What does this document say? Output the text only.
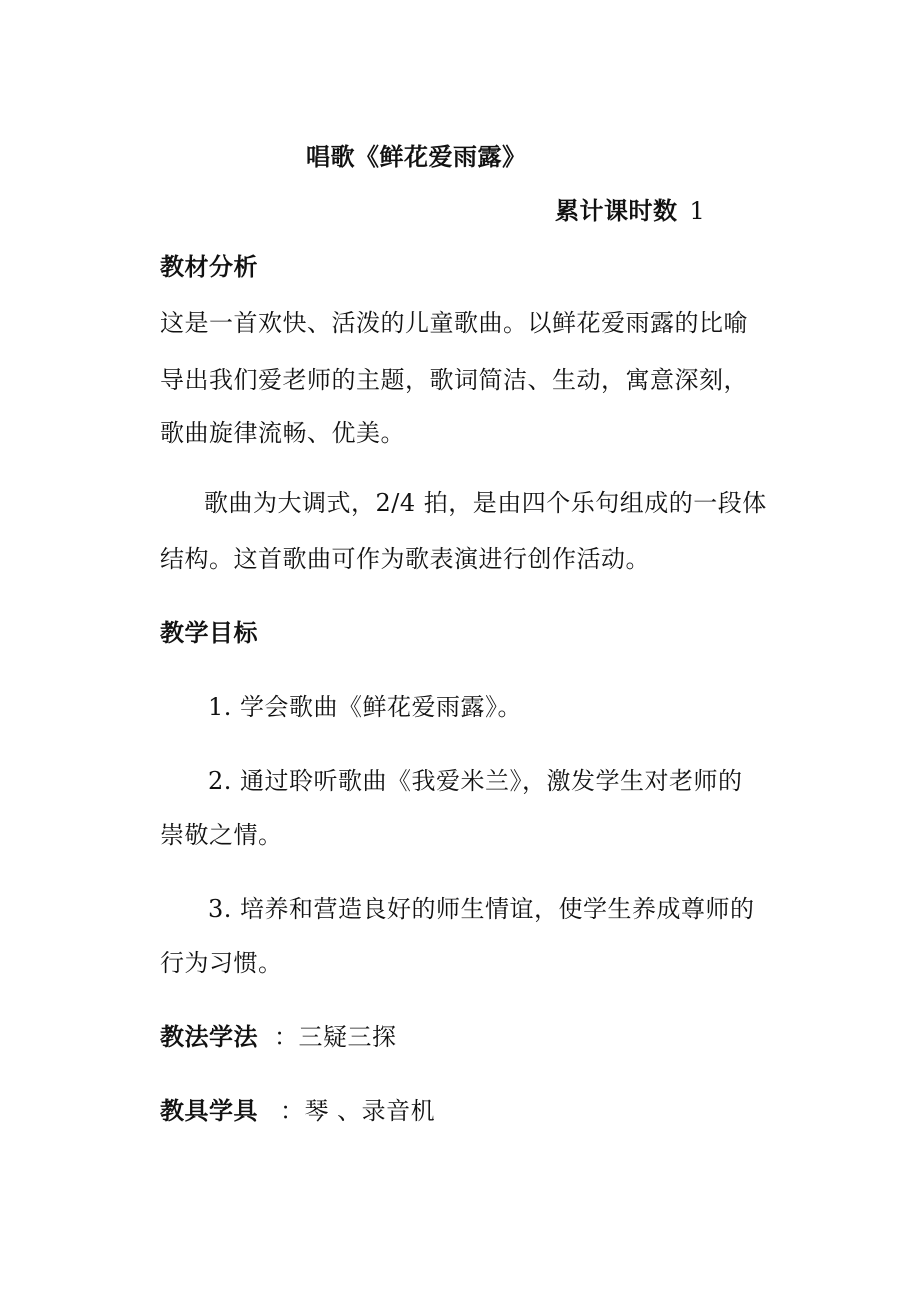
唱歌《鲜花爱雨露》
累计课时数 1
教材分析
这是一首欢快、活泼的儿童歌曲。以鲜花爱雨露的比喻
导出我们爱老师的主题，歌词简洁、生动，寓意深刻，
歌曲旋律流畅、优美。
歌曲为大调式，2/4 拍，是由四个乐句组成的一段体
结构。这首歌曲可作为歌表演进行创作活动。
教学目标
1. 学会歌曲《鲜花爱雨露》。
2. 通过聆听歌曲《我爱米兰》，激发学生对老师的
崇敬之情。
3. 培养和营造良好的师生情谊，使学生养成尊师的
行为习惯。
教法学法 ：三疑三探
教具学具 ：琴 、录音机
